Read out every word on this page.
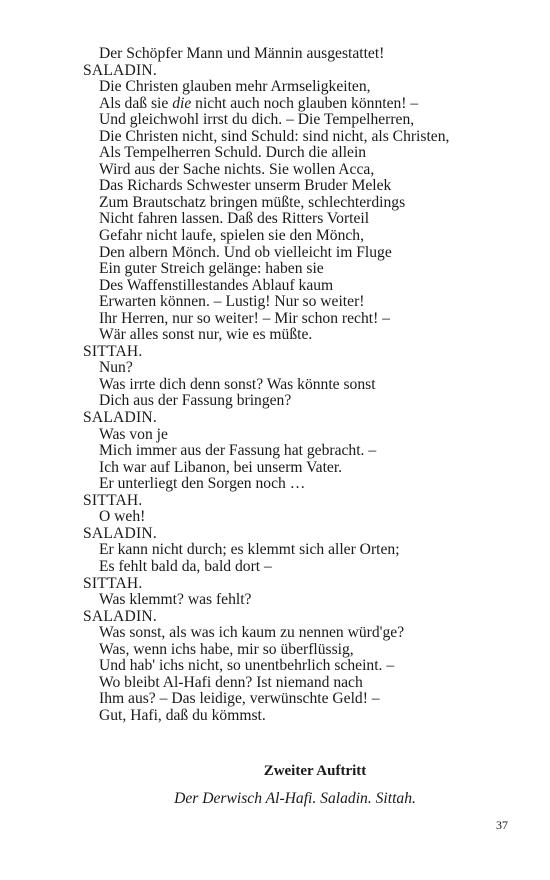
Der Schöpfer Mann und Männin ausgestattet!
SALADIN.
Die Christen glauben mehr Armseligkeiten,
Als daß sie die nicht auch noch glauben könnten! –
Und gleichwohl irrst du dich. – Die Tempelherren,
Die Christen nicht, sind Schuld: sind nicht, als Christen,
Als Tempelherren Schuld. Durch die allein
Wird aus der Sache nichts. Sie wollen Acca,
Das Richards Schwester unserm Bruder Melek
Zum Brautschatz bringen müßte, schlechterdings
Nicht fahren lassen. Daß des Ritters Vorteil
Gefahr nicht laufe, spielen sie den Mönch,
Den albern Mönch. Und ob vielleicht im Fluge
Ein guter Streich gelänge: haben sie
Des Waffenstillestandes Ablauf kaum
Erwarten können. – Lustig! Nur so weiter!
Ihr Herren, nur so weiter! – Mir schon recht! –
Wär alles sonst nur, wie es müßte.
SITTAH.
Nun?
Was irrte dich denn sonst? Was könnte sonst
Dich aus der Fassung bringen?
SALADIN.
Was von je
Mich immer aus der Fassung hat gebracht. –
Ich war auf Libanon, bei unserm Vater.
Er unterliegt den Sorgen noch …
SITTAH.
O weh!
SALADIN.
Er kann nicht durch; es klemmt sich aller Orten;
Es fehlt bald da, bald dort –
SITTAH.
Was klemmt? was fehlt?
SALADIN.
Was sonst, als was ich kaum zu nennen würd'ge?
Was, wenn ichs habe, mir so überflüssig,
Und hab' ichs nicht, so unentbehrlich scheint. –
Wo bleibt Al-Hafi denn? Ist niemand nach
Ihm aus? – Das leidige, verwünschte Geld! –
Gut, Hafi, daß du kömmst.
Zweiter Auftritt
Der Derwisch Al-Hafi. Saladin. Sittah.
37
